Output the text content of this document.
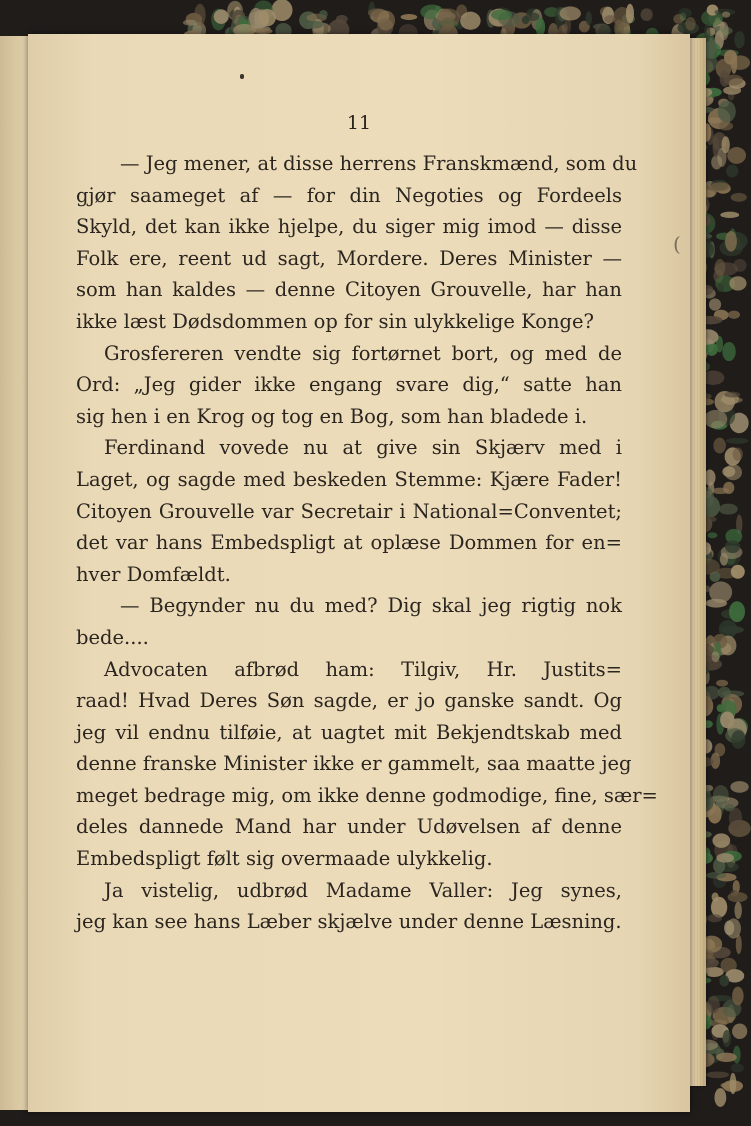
11
(
— Jeg mener, at disse herrens Franskmænd, som du
gjør saameget af — for din Negoties og Fordeels
Skyld, det kan ikke hjelpe, du siger mig imod — disse
Folk ere, reent ud sagt, Mordere. Deres Minister —
som han kaldes — denne Citoyen Grouvelle, har han
ikke læst Dødsdommen op for sin ulykkelige Konge?
Grosfereren vendte sig fortørnet bort, og med de
Ord: „Jeg gider ikke engang svare dig,“ satte han
sig hen i en Krog og tog en Bog, som han bladede i.
Ferdinand vovede nu at give sin Skjærv med i
Laget, og sagde med beskeden Stemme: Kjære Fader!
Citoyen Grouvelle var Secretair i National=Conventet;
det var hans Embedspligt at oplæse Dommen for en=
hver Domfældt.
— Begynder nu du med? Dig skal jeg rigtig nok
bede....
Advocaten afbrød ham: Tilgiv, Hr. Justits=
raad! Hvad Deres Søn sagde, er jo ganske sandt. Og
jeg vil endnu tilføie, at uagtet mit Bekjendtskab med
denne franske Minister ikke er gammelt, saa maatte jeg
meget bedrage mig, om ikke denne godmodige, fine, sær=
deles dannede Mand har under Udøvelsen af denne
Embedspligt følt sig overmaade ulykkelig.
Ja vistelig, udbrød Madame Valler: Jeg synes,
jeg kan see hans Læber skjælve under denne Læsning.
